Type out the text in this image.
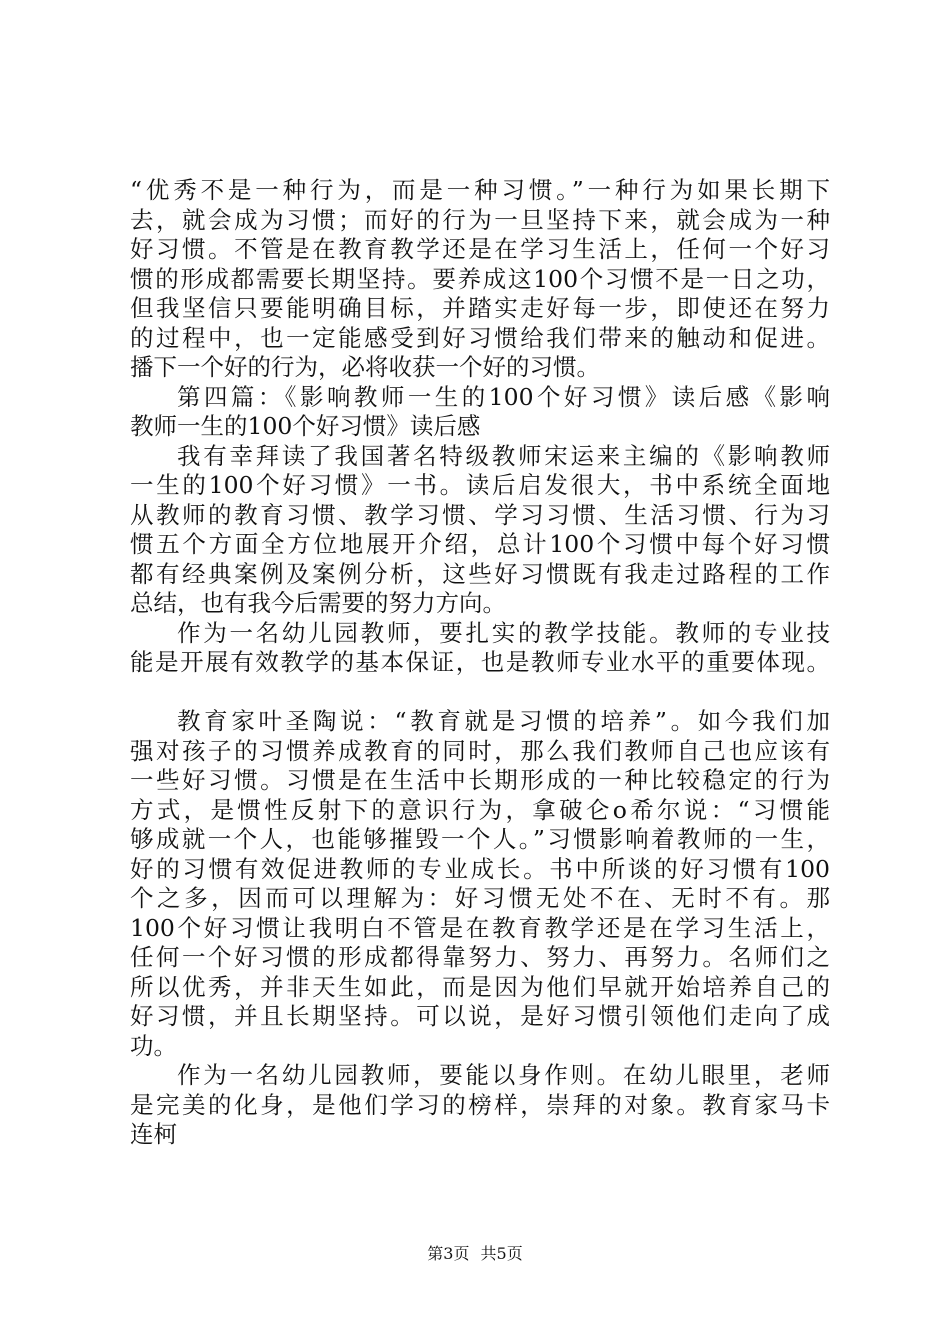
“优秀不是一种行为，而是一种习惯。”一种行为如果长期下
去，就会成为习惯；而好的行为一旦坚持下来，就会成为一种
好习惯。不管是在教育教学还是在学习生活上，任何一个好习
惯的形成都需要长期坚持。要养成这100个习惯不是一日之功，
但我坚信只要能明确目标，并踏实走好每一步，即使还在努力
的过程中，也一定能感受到好习惯给我们带来的触动和促进。
播下一个好的行为，必将收获一个好的习惯。
第四篇：《影响教师一生的100个好习惯》读后感《影响
教师一生的100个好习惯》读后感
我有幸拜读了我国著名特级教师宋运来主编的《影响教师
一生的100个好习惯》一书。读后启发很大，书中系统全面地
从教师的教育习惯、教学习惯、学习习惯、生活习惯、行为习
惯五个方面全方位地展开介绍，总计100个习惯中每个好习惯
都有经典案例及案例分析，这些好习惯既有我走过路程的工作
总结，也有我今后需要的努力方向。
作为一名幼儿园教师，要扎实的教学技能。教师的专业技
能是开展有效教学的基本保证，也是教师专业水平的重要体现。
教育家叶圣陶说：“教育就是习惯的培养”。如今我们加
强对孩子的习惯养成教育的同时，那么我们教师自己也应该有
一些好习惯。习惯是在生活中长期形成的一种比较稳定的行为
方式，是惯性反射下的意识行为，拿破仑o希尔说：“习惯能
够成就一个人，也能够摧毁一个人。”习惯影响着教师的一生，
好的习惯有效促进教师的专业成长。书中所谈的好习惯有100
个之多，因而可以理解为：好习惯无处不在、无时不有。那
100个好习惯让我明白不管是在教育教学还是在学习生活上，
任何一个好习惯的形成都得靠努力、努力、再努力。名师们之
所以优秀，并非天生如此，而是因为他们早就开始培养自己的
好习惯，并且长期坚持。可以说，是好习惯引领他们走向了成
功。
作为一名幼儿园教师，要能以身作则。在幼儿眼里，老师
是完美的化身，是他们学习的榜样，崇拜的对象。教育家马卡
连柯
第3页 共5页
